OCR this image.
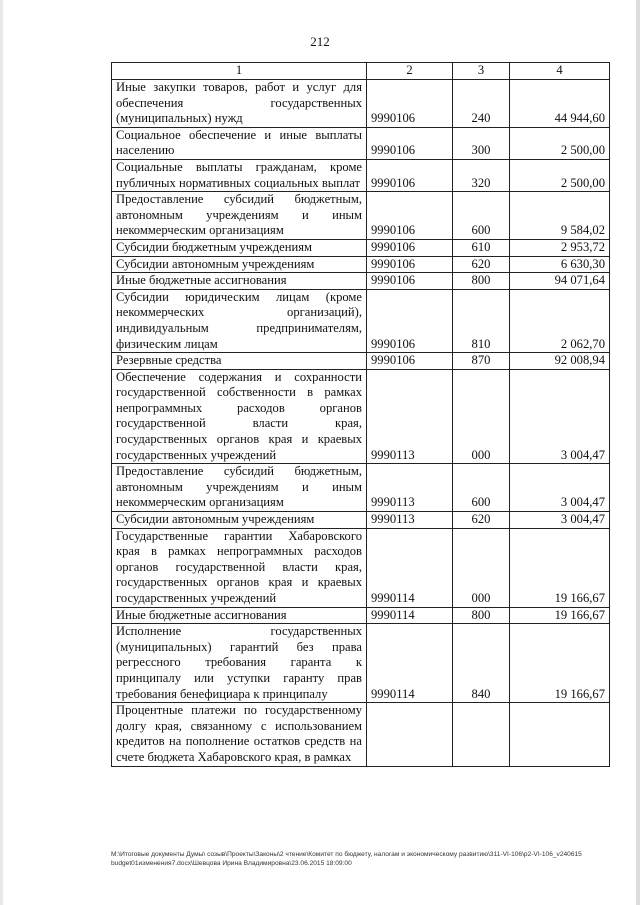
212
1	2	3	4
Иные закупки товаров, работ и услуг для обеспечения государственных (муниципальных) нужд	9990106	240	44 944,60
Социальное обеспечение и иные выплаты населению	9990106	300	2 500,00
Социальные выплаты гражданам, кроме публичных нормативных социальных выплат	9990106	320	2 500,00
Предоставление субсидий бюджетным, автономным учреждениям и иным некоммерческим организациям	9990106	600	9 584,02
Субсидии бюджетным учреждениям	9990106	610	2 953,72
Субсидии автономным учреждениям	9990106	620	6 630,30
Иные бюджетные ассигнования	9990106	800	94 071,64
Субсидии юридическим лицам (кроме некоммерческих организаций), индивидуальным предпринимателям, физическим лицам	9990106	810	2 062,70
Резервные средства	9990106	870	92 008,94
Обеспечение содержания и сохранности государственной собственности в рамках непрограммных расходов органов государственной власти края, государственных органов края и краевых государственных учреждений	9990113	000	3 004,47
Предоставление субсидий бюджетным, автономным учреждениям и иным некоммерческим организациям	9990113	600	3 004,47
Субсидии автономным учреждениям	9990113	620	3 004,47
Государственные гарантии Хабаровского края в рамках непрограммных расходов органов государственной власти края, государственных органов края и краевых государственных учреждений	9990114	000	19 166,67
Иные бюджетные ассигнования	9990114	800	19 166,67
Исполнение государственных (муниципальных) гарантий без права регрессного требования гаранта к принципалу или уступки гаранту прав требования бенефициара к принципалу	9990114	840	19 166,67
Процентные платежи по государственному долгу края, связанному с использованием кредитов на пополнение остатков средств на счете бюджета Хабаровского края, в рамках			
M:\Итоговые документы Думы\ созыв\Проекты\Законы\2 чтение\Комитет по бюджету, налогам и экономическому развитию\311-VI-106\p2-VI-106_v240615 budget01изменения7.docx\Шевцова Ирина Владимировна\23.06.2015 18:09:00
